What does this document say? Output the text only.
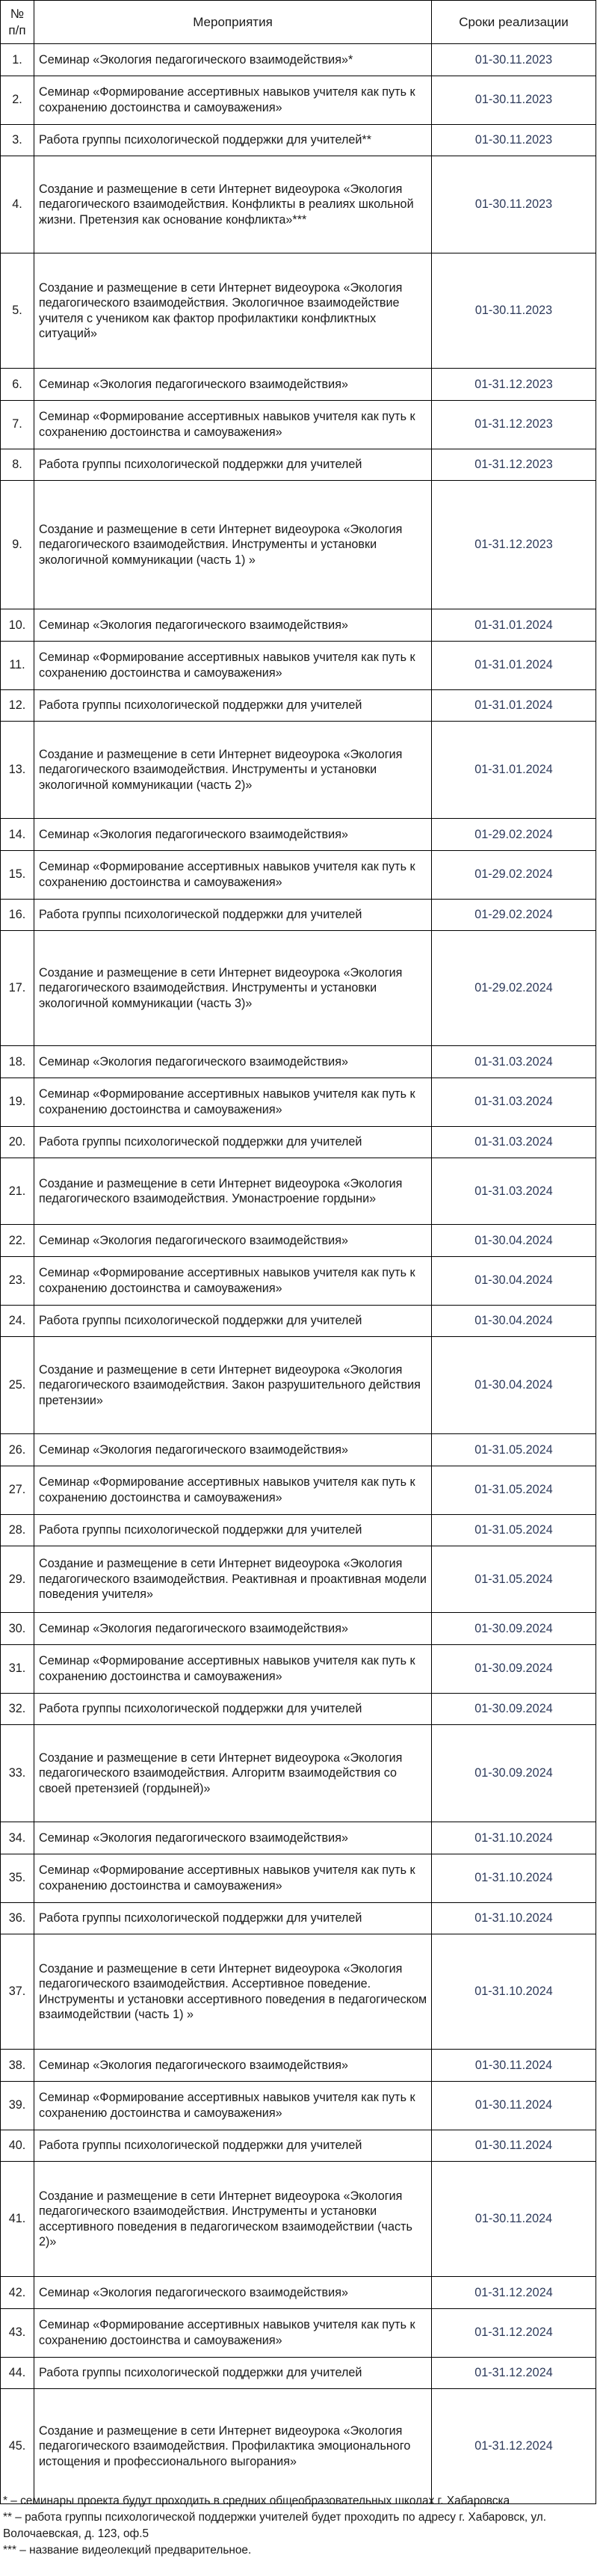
№ п/п	Мероприятия	Сроки реализации
1.	Семинар «Экология педагогического взаимодействия»*	01-30.11.2023
2.	Семинар «Формирование ассертивных навыков учителя как путь к сохранению достоинства и самоуважения»	01-30.11.2023
3.	Работа группы психологической поддержки для учителей**	01-30.11.2023
4.	Создание и размещение в сети Интернет видеоурока «Экология педагогического взаимодействия. Конфликты в реалиях школьной жизни. Претензия как основание конфликта»***	01-30.11.2023
5.	Создание и размещение в сети Интернет видеоурока «Экология педагогического взаимодействия. Экологичное взаимодействие учителя с учеником как фактор профилактики конфликтных ситуаций»	01-30.11.2023
6.	Семинар «Экология педагогического взаимодействия»	01-31.12.2023
7.	Семинар «Формирование ассертивных навыков учителя как путь к сохранению достоинства и самоуважения»	01-31.12.2023
8.	Работа группы психологической поддержки для учителей	01-31.12.2023
9.	Создание и размещение в сети Интернет видеоурока «Экология педагогического взаимодействия. Инструменты и установки экологичной коммуникации (часть 1) »	01-31.12.2023
10.	Семинар «Экология педагогического взаимодействия»	01-31.01.2024
11.	Семинар «Формирование ассертивных навыков учителя как путь к сохранению достоинства и самоуважения»	01-31.01.2024
12.	Работа группы психологической поддержки для учителей	01-31.01.2024
13.	Создание и размещение в сети Интернет видеоурока «Экология педагогического взаимодействия. Инструменты и установки экологичной коммуникации (часть 2)»	01-31.01.2024
14.	Семинар «Экология педагогического взаимодействия»	01-29.02.2024
15.	Семинар «Формирование ассертивных навыков учителя как путь к сохранению достоинства и самоуважения»	01-29.02.2024
16.	Работа группы психологической поддержки для учителей	01-29.02.2024
17.	Создание и размещение в сети Интернет видеоурока «Экология педагогического взаимодействия. Инструменты и установки экологичной коммуникации (часть 3)»	01-29.02.2024
18.	Семинар «Экология педагогического взаимодействия»	01-31.03.2024
19.	Семинар «Формирование ассертивных навыков учителя как путь к сохранению достоинства и самоуважения»	01-31.03.2024
20.	Работа группы психологической поддержки для учителей	01-31.03.2024
21.	Создание и размещение в сети Интернет видеоурока «Экология педагогического взаимодействия. Умонастроение гордыни»	01-31.03.2024
22.	Семинар «Экология педагогического взаимодействия»	01-30.04.2024
23.	Семинар «Формирование ассертивных навыков учителя как путь к сохранению достоинства и самоуважения»	01-30.04.2024
24.	Работа группы психологической поддержки для учителей	01-30.04.2024
25.	Создание и размещение в сети Интернет видеоурока «Экология педагогического взаимодействия. Закон разрушительного действия претензии»	01-30.04.2024
26.	Семинар «Экология педагогического взаимодействия»	01-31.05.2024
27.	Семинар «Формирование ассертивных навыков учителя как путь к сохранению достоинства и самоуважения»	01-31.05.2024
28.	Работа группы психологической поддержки для учителей	01-31.05.2024
29.	Создание и размещение в сети Интернет видеоурока «Экология педагогического взаимодействия. Реактивная и проактивная модели поведения учителя»	01-31.05.2024
30.	Семинар «Экология педагогического взаимодействия»	01-30.09.2024
31.	Семинар «Формирование ассертивных навыков учителя как путь к сохранению достоинства и самоуважения»	01-30.09.2024
32.	Работа группы психологической поддержки для учителей	01-30.09.2024
33.	Создание и размещение в сети Интернет видеоурока «Экология педагогического взаимодействия. Алгоритм взаимодействия со своей претензией (гордыней)»	01-30.09.2024
34.	Семинар «Экология педагогического взаимодействия»	01-31.10.2024
35.	Семинар «Формирование ассертивных навыков учителя как путь к сохранению достоинства и самоуважения»	01-31.10.2024
36.	Работа группы психологической поддержки для учителей	01-31.10.2024
37.	Создание и размещение в сети Интернет видеоурока «Экология педагогического взаимодействия. Ассертивное поведение. Инструменты и установки ассертивного поведения в педагогическом взаимодействии (часть 1) »	01-31.10.2024
38.	Семинар «Экология педагогического взаимодействия»	01-30.11.2024
39.	Семинар «Формирование ассертивных навыков учителя как путь к сохранению достоинства и самоуважения»	01-30.11.2024
40.	Работа группы психологической поддержки для учителей	01-30.11.2024
41.	Создание и размещение в сети Интернет видеоурока «Экология педагогического взаимодействия. Инструменты и установки ассертивного поведения в педагогическом взаимодействии (часть 2)»	01-30.11.2024
42.	Семинар «Экология педагогического взаимодействия»	01-31.12.2024
43.	Семинар «Формирование ассертивных навыков учителя как путь к сохранению достоинства и самоуважения»	01-31.12.2024
44.	Работа группы психологической поддержки для учителей	01-31.12.2024
45.	Создание и размещение в сети Интернет видеоурока «Экология педагогического взаимодействия. Профилактика эмоционального истощения и профессионального выгорания»	01-31.12.2024

* – семинары проекта будут проходить в средних общеобразовательных школах г. Хабаровска

** – работа группы психологической поддержки учителей будет проходить по адресу г. Хабаровск, ул. Волочаевская, д. 123, оф.5

*** – название видеолекций предварительное.
